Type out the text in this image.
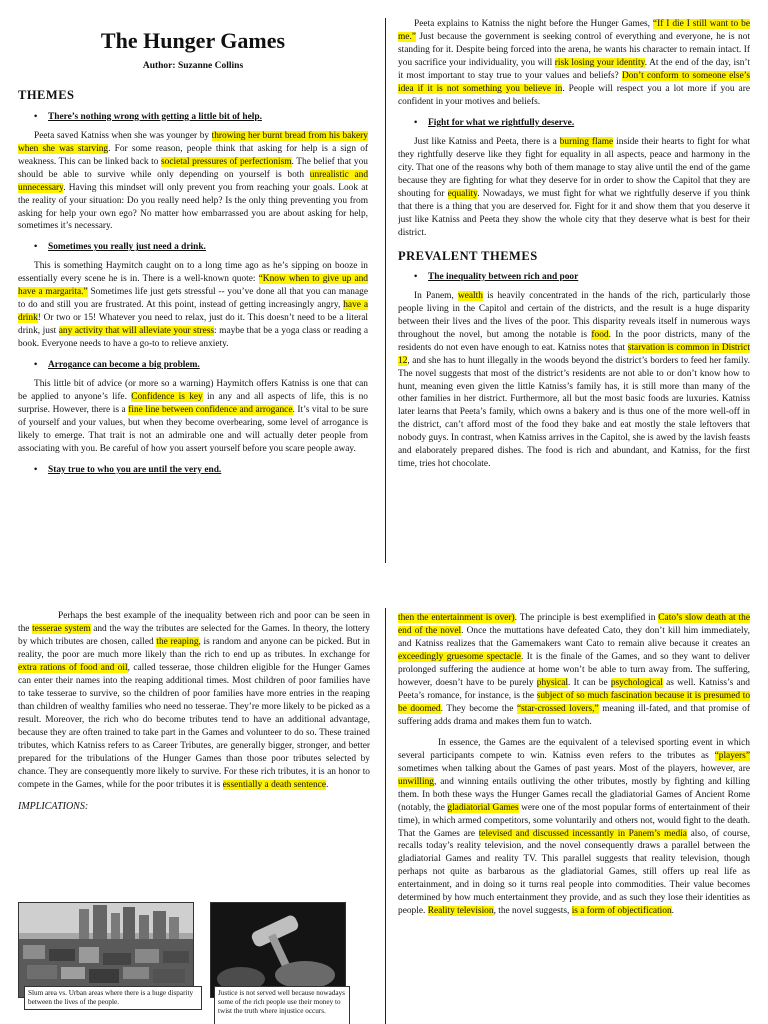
The Hunger Games
Author: Suzanne Collins
THEMES
• There’s nothing wrong with getting a little bit of help.

Peeta saved Katniss when she was younger by throwing her burnt bread from his bakery when she was starving. For some reason, people think that asking for help is a sign of weakness. This can be linked back to societal pressures of perfectionism. The belief that you should be able to survive while only depending on yourself is both unrealistic and unnecessary. Having this mindset will only prevent you from reaching your goals. Look at the reality of your situation: Do you really need help? Is the only thing preventing you from asking for help your own ego? No matter how embarrassed you are about asking for help, sometimes it’s necessary.

• Sometimes you really just need a drink.

This is something Haymitch caught on to a long time ago as he’s sipping on booze in essentially every scene he is in. There is a well-known quote: “Know when to give up and have a margarita.” Sometimes life just gets stressful -- you’ve done all that you can manage to do and still you are frustrated. At this point, instead of getting increasingly angry, have a drink! Or two or 15! Whatever you need to relax, just do it. This doesn’t need to be a literal drink, just any activity that will alleviate your stress: maybe that be a yoga class or reading a book. Everyone needs to have a go-to to relieve anxiety.

• Arrogance can become a big problem.

This little bit of advice (or more so a warning) Haymitch offers Katniss is one that can be applied to anyone’s life. Confidence is key in any and all aspects of life, this is no surprise. However, there is a fine line between confidence and arrogance. It’s vital to be sure of yourself and your values, but when they become overbearing, some level of arrogance is likely to emerge. That trait is not an admirable one and will actually deter people from associating with you. Be careful of how you assert yourself before you scare people away.

• Stay true to who you are until the very end.

Peeta explains to Katniss the night before the Hunger Games, “If I die I still want to be me.” Just because the government is seeking control of everything and everyone, he is not standing for it. Despite being forced into the arena, he wants his character to remain intact. If you sacrifice your individuality, you will risk losing your identity. At the end of the day, isn’t it most important to stay true to your values and beliefs? Don’t conform to someone else’s idea if it is not something you believe in. People will respect you a lot more if you are confident in your motives and beliefs.

• Fight for what we rightfully deserve.

Just like Katniss and Peeta, there is a burning flame inside their hearts to fight for what they rightfully deserve like they fight for equality in all aspects, peace and harmony in the city. That one of the reasons why both of them manage to stay alive until the end of the game because they are fighting for what they deserve for in order to show the Capitol that they are shouting for equality. Nowadays, we must fight for what we rightfully deserve if you think that there is a thing that you are deserved for. Fight for it and show them that you deserve it just like Katniss and Peeta they show the whole city that they deserve what is best for their district.

PREVALENT THEMES
• The inequality between rich and poor

In Panem, wealth is heavily concentrated in the hands of the rich, particularly those people living in the Capitol and certain of the districts, and the result is a huge disparity between their lives and the lives of the poor. This disparity reveals itself in numerous ways throughout the novel, but among the notable is food. In the poor districts, many of the residents do not even have enough to eat. Katniss notes that starvation is common in District 12, and she has to hunt illegally in the woods beyond the district’s borders to feed her family. The novel suggests that most of the district’s residents are not able to or don’t know how to hunt, meaning even given the little Katniss’s family has, it is still more than many of the other families in her district. Furthermore, all but the most basic foods are luxuries. Katniss later learns that Peeta’s family, which owns a bakery and is thus one of the more well-off in the district, can’t afford most of the food they bake and eat mostly the stale leftovers that nobody guys. In contrast, when Katniss arrives in the Capitol, she is awed by the lavish feasts and elaborately prepared dishes. The food is rich and abundant, and Katniss, for the first time, tries hot chocolate.

Perhaps the best example of the inequality between rich and poor can be seen in the tesserae system and the way the tributes are selected for the Games. In theory, the lottery by which tributes are chosen, called the reaping, is random and anyone can be picked. But in reality, the poor are much more likely than the rich to end up as tributes. In exchange for extra rations of food and oil, called tesserae, those children eligible for the Hunger Games can enter their names into the reaping additional times. Most children of poor families have to take tesserae to survive, so the children of poor families have more entries in the reaping than children of wealthy families who need no tesserae. They’re more likely to be picked as a result. Moreover, the rich who do become tributes tend to have an additional advantage, because they are often trained to take part in the Games and volunteer to do so. These trained tributes, which Katniss refers to as Career Tributes, are generally bigger, stronger, and better prepared for the tribulations of the Hunger Games than those poor tributes selected by chance. They are consequently more likely to survive. For these rich tributes, it is an honor to compete in the Games, while for the poor tributes it is essentially a death sentence.

IMPLICATIONS:
Slum area vs. Urban areas where there is a huge disparity between the lives of the people.
Justice is not served well because nowadays some of the rich people use their money to twist the truth where injustice occurs.

then the entertainment is over). The principle is best exemplified in Cato’s slow death at the end of the novel. Once the muttations have defeated Cato, they don’t kill him immediately, and Katniss realizes that the Gamemakers want Cato to remain alive because it creates an exceedingly gruesome spectacle. It is the finale of the Games, and so they want to deliver prolonged suffering the audience at home won’t be able to turn away from. The suffering, however, doesn’t have to be purely physical. It can be psychological as well. Katniss’s and Peeta’s romance, for instance, is the subject of so much fascination because it is presumed to be doomed. They become the “star-crossed lovers,” meaning ill-fated, and that promise of suffering adds drama and makes them fun to watch.

In essence, the Games are the equivalent of a televised sporting event in which several participants compete to win. Katniss even refers to the tributes as “players” sometimes when talking about the Games of past years. Most of the players, however, are unwilling, and winning entails outliving the other tributes, mostly by fighting and killing them. In both these ways the Hunger Games recall the gladiatorial Games of Ancient Rome (notably, the gladiatorial Games were one of the most popular forms of entertainment of their time), in which armed competitors, some voluntarily and others not, would fight to the death. That the Games are televised and discussed incessantly in Panem’s media also, of course, recalls today’s reality television, and the novel consequently draws a parallel between the gladiatorial Games and reality TV. This parallel suggests that reality television, though perhaps not quite as barbarous as the gladiatorial Games, still offers up real life as entertainment, and in doing so it turns real people into commodities. Their value becomes determined by how much entertainment they provide, and as such they lose their identities as people. Reality television, the novel suggests, is a form of objectification.
